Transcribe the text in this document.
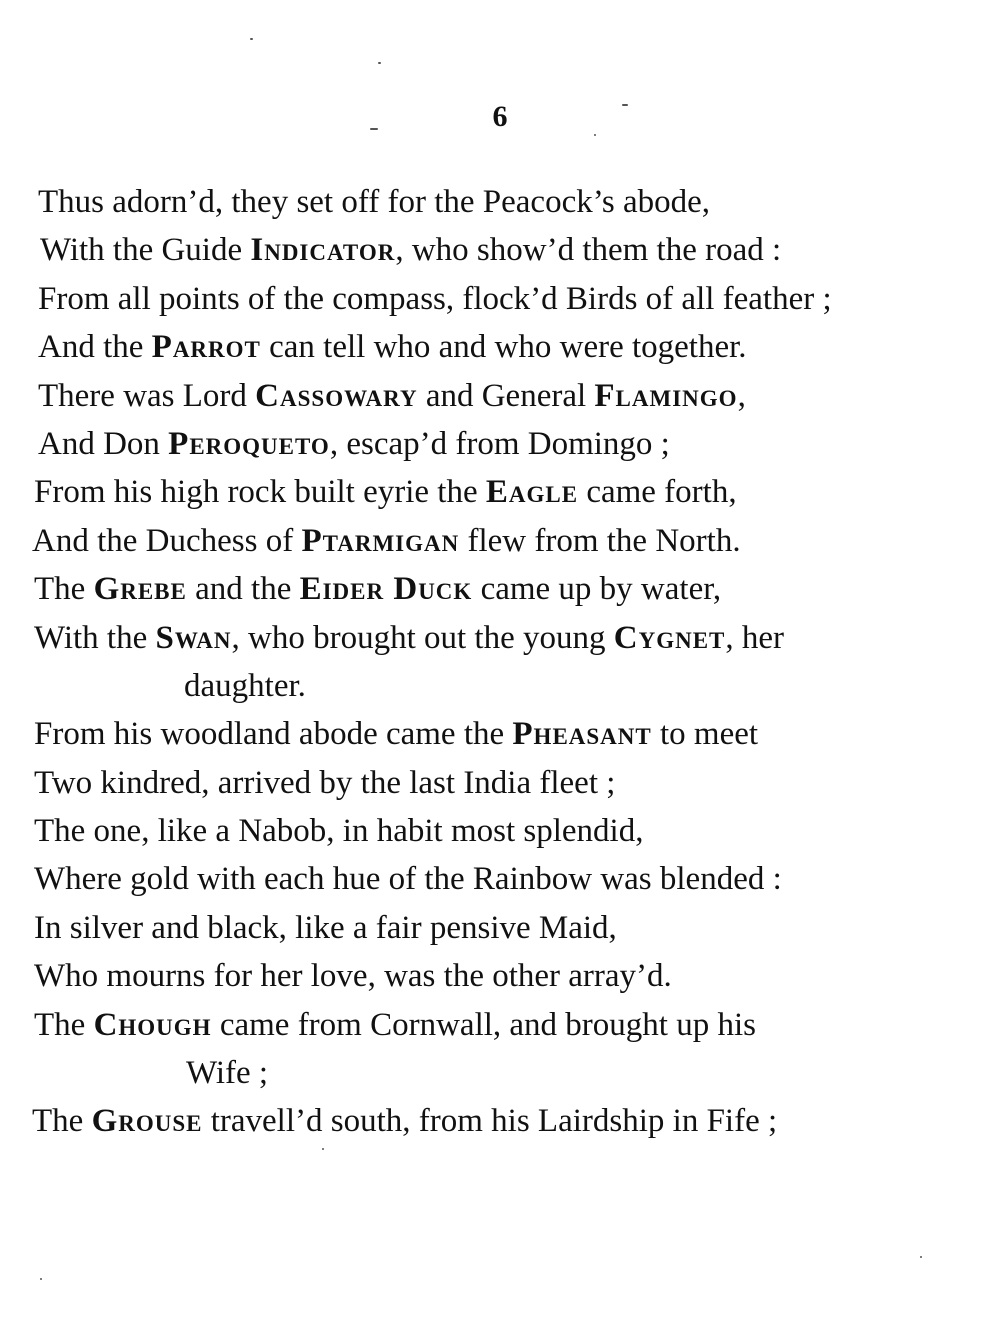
6
Thus adorn’d, they set off for the Peacock’s abode,
With the Guide Indicator, who show’d them the road :
From all points of the compass, flock’d Birds of all feather ;
And the Parrot can tell who and who were together.
There was Lord Cassowary and General Flamingo,
And Don Peroqueto, escap’d from Domingo ;
From his high rock built eyrie the Eagle came forth,
And the Duchess of Ptarmigan flew from the North.
The Grebe and the Eider Duck came up by water,
With the Swan, who brought out the young Cygnet, her
daughter.
From his woodland abode came the Pheasant to meet
Two kindred, arrived by the last India fleet ;
The one, like a Nabob, in habit most splendid,
Where gold with each hue of the Rainbow was blended :
In silver and black, like a fair pensive Maid,
Who mourns for her love, was the other array’d.
The Chough came from Cornwall, and brought up his
Wife ;
The Grouse travell’d south, from his Lairdship in Fife ;
